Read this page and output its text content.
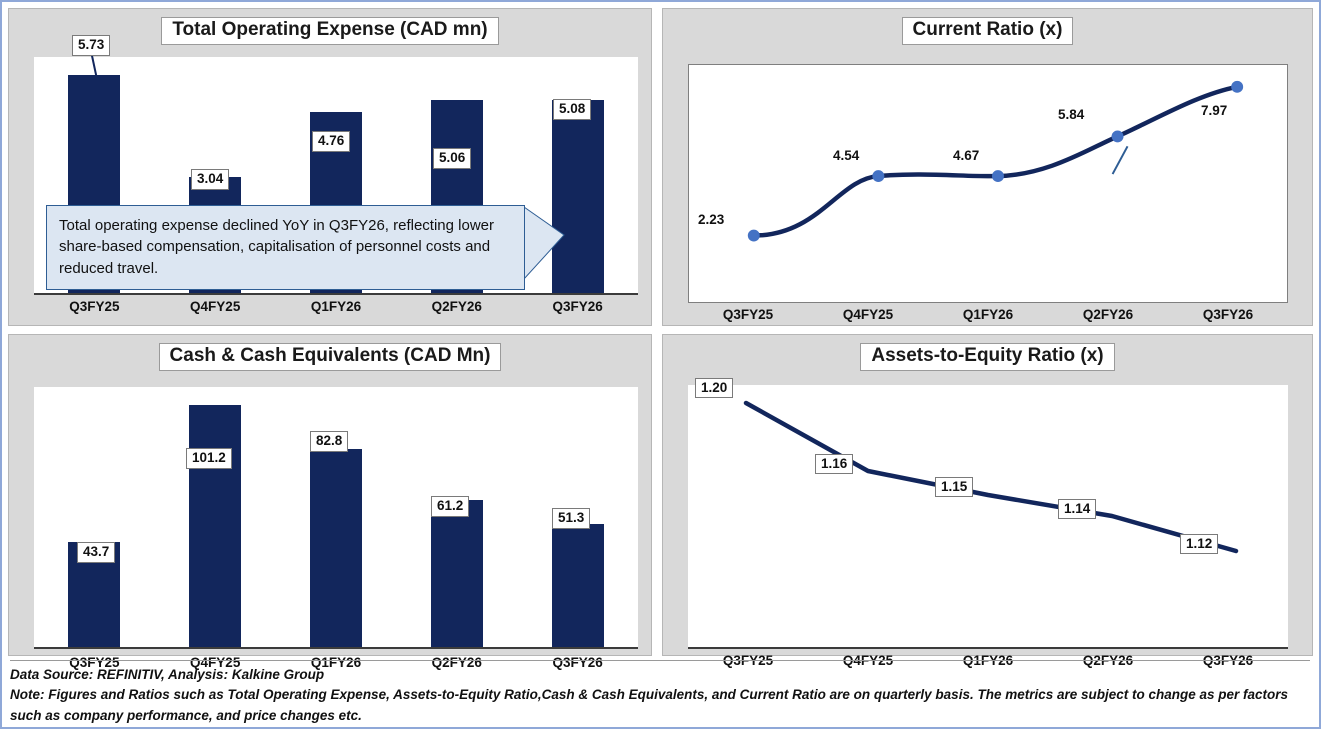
Total Operating Expense (CAD mn)
5.73
3.04
4.76
5.06
5.08
Total operating expense declined YoY in Q3FY26, reflecting lower share-based compensation, capitalisation of personnel costs and reduced travel.
Q3FY25	Q4FY25	Q1FY26	Q2FY26	Q3FY26
Current Ratio (x)
2.23
4.54	4.67
5.84	7.97
Q3FY25	Q4FY25	Q1FY26	Q2FY26	Q3FY26
Cash & Cash Equivalents (CAD Mn)
43.7
101.2
82.8
61.2
51.3
Q3FY25	Q4FY25	Q1FY26	Q2FY26	Q3FY26
Assets-to-Equity Ratio (x)
1.20
1.16
1.15
1.14
1.12
Q3FY25	Q4FY25	Q1FY26	Q2FY26	Q3FY26
Data Source: REFINITIV, Analysis: Kalkine Group
Note: Figures and Ratios such as Total Operating Expense, Assets-to-Equity Ratio,Cash & Cash Equivalents, and Current Ratio are on quarterly basis. The metrics are subject to change as per factors such as company performance, and price changes etc.
